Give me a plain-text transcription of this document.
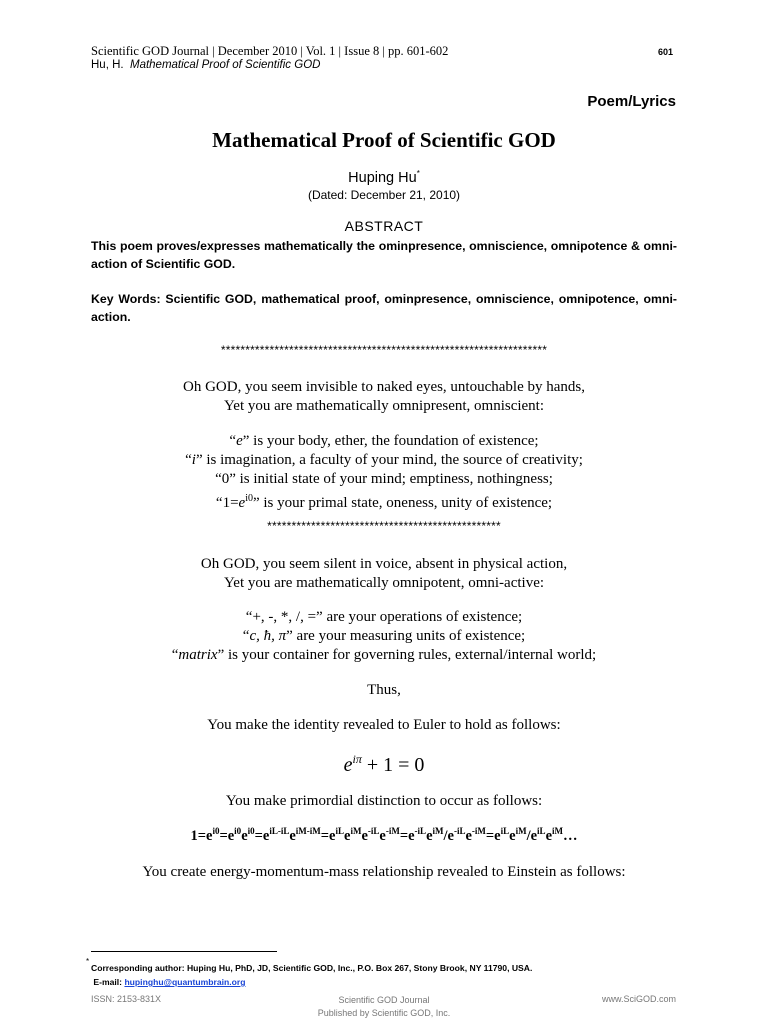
Scientific GOD Journal | December 2010 | Vol. 1 | Issue 8 | pp. 601-602
Hu, H. Mathematical Proof of Scientific GOD
601
Poem/Lyrics
Mathematical Proof of Scientific GOD
Huping Hu*
(Dated: December 21, 2010)
ABSTRACT
This poem proves/expresses mathematically the ominpresence, omniscience, omnipotence & omni-action of Scientific GOD.
Key Words: Scientific GOD, mathematical proof, ominpresence, omniscience, omnipotence, omni-action.
*******************************************************************
Oh GOD, you seem invisible to naked eyes, untouchable by hands,
Yet you are mathematically omnipresent, omniscient:
“e” is your body, ether, the foundation of existence;
“i” is imagination, a faculty of your mind, the source of creativity;
“0” is initial state of your mind; emptiness, nothingness;
“$1=e^{i0}$” is your primal state, oneness, unity of existence;
************************************************
Oh GOD, you seem silent in voice, absent in physical action,
Yet you are mathematically omnipotent, omni-active:
“+, -, *, /, =” are your operations of existence;
“c, ħ, π” are your measuring units of existence;
“matrix” is your container for governing rules, external/internal world;
Thus,
You make the identity revealed to Euler to hold as follows:
$e^{i\pi} + 1 = 0$
You make primordial distinction to occur as follows:
$1=e^{i0}=e^{i0}e^{i0}=e^{iL-iL}e^{iM-iM}=e^{iL}e^{iM}e^{-iL}e^{-iM}=e^{-iL}e^{iM}/e^{-iL}e^{-iM}=e^{iL}e^{iM}/e^{iL}e^{iM}\dots$
You create energy-momentum-mass relationship revealed to Einstein as follows:
*
Corresponding author: Huping Hu, PhD, JD, Scientific GOD, Inc., P.O. Box 267, Stony Brook, NY 11790, USA.
E-mail: hupinghu@quantumbrain.org
ISSN: 2153-831X	Scientific GOD Journal
Published by Scientific GOD, Inc.
www.SciGOD.com
